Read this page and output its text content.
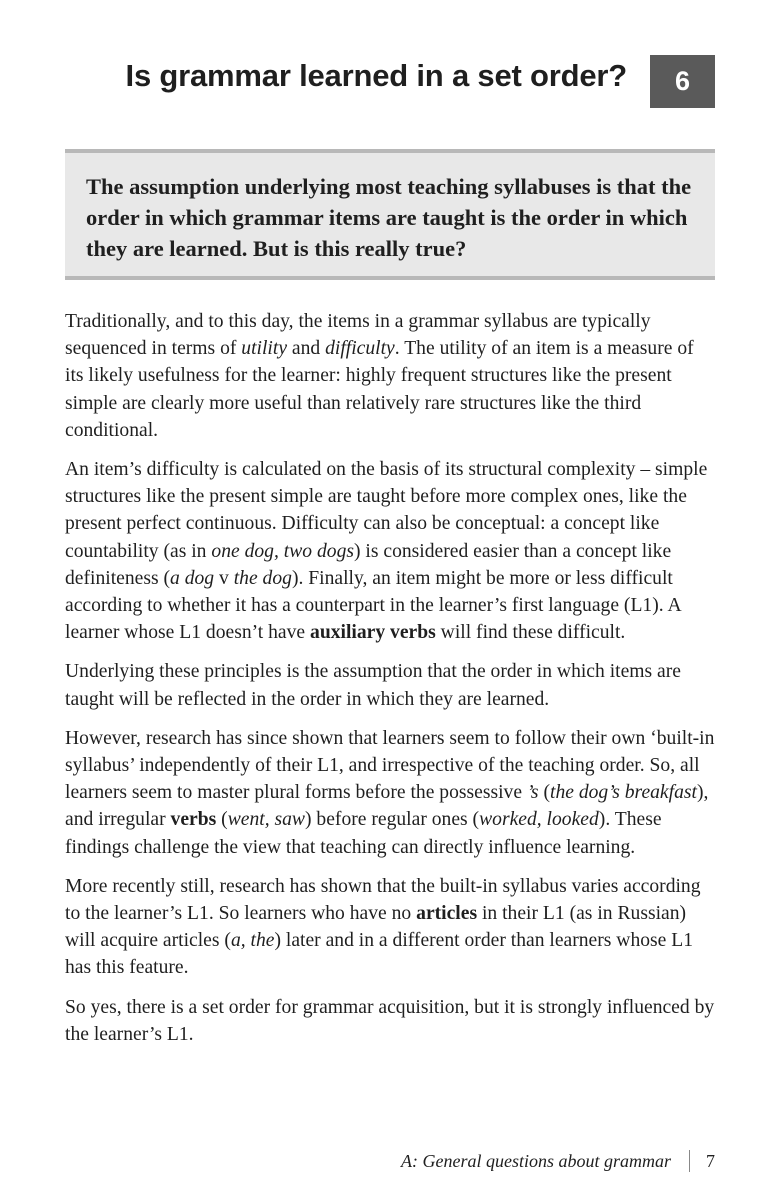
Is grammar learned in a set order?	6

The assumption underlying most teaching syllabuses is that the order in which grammar items are taught is the order in which they are learned. But is this really true?

Traditionally, and to this day, the items in a grammar syllabus are typically sequenced in terms of utility and difficulty. The utility of an item is a measure of its likely usefulness for the learner: highly frequent structures like the present simple are clearly more useful than relatively rare structures like the third conditional.

An item’s difficulty is calculated on the basis of its structural complexity – simple structures like the present simple are taught before more complex ones, like the present perfect continuous. Difficulty can also be conceptual: a concept like countability (as in one dog, two dogs) is considered easier than a concept like definiteness (a dog v the dog). Finally, an item might be more or less difficult according to whether it has a counterpart in the learner’s first language (L1). A learner whose L1 doesn’t have auxiliary verbs will find these difficult.

Underlying these principles is the assumption that the order in which items are taught will be reflected in the order in which they are learned.

However, research has since shown that learners seem to follow their own ‘built-in syllabus’ independently of their L1, and irrespective of the teaching order. So, all learners seem to master plural forms before the possessive ’s (the dog’s breakfast), and irregular verbs (went, saw) before regular ones (worked, looked). These findings challenge the view that teaching can directly influence learning.

More recently still, research has shown that the built-in syllabus varies according to the learner’s L1. So learners who have no articles in their L1 (as in Russian) will acquire articles (a, the) later and in a different order than learners whose L1 has this feature.

So yes, there is a set order for grammar acquisition, but it is strongly influenced by the learner’s L1.

A: General questions about grammar 7
